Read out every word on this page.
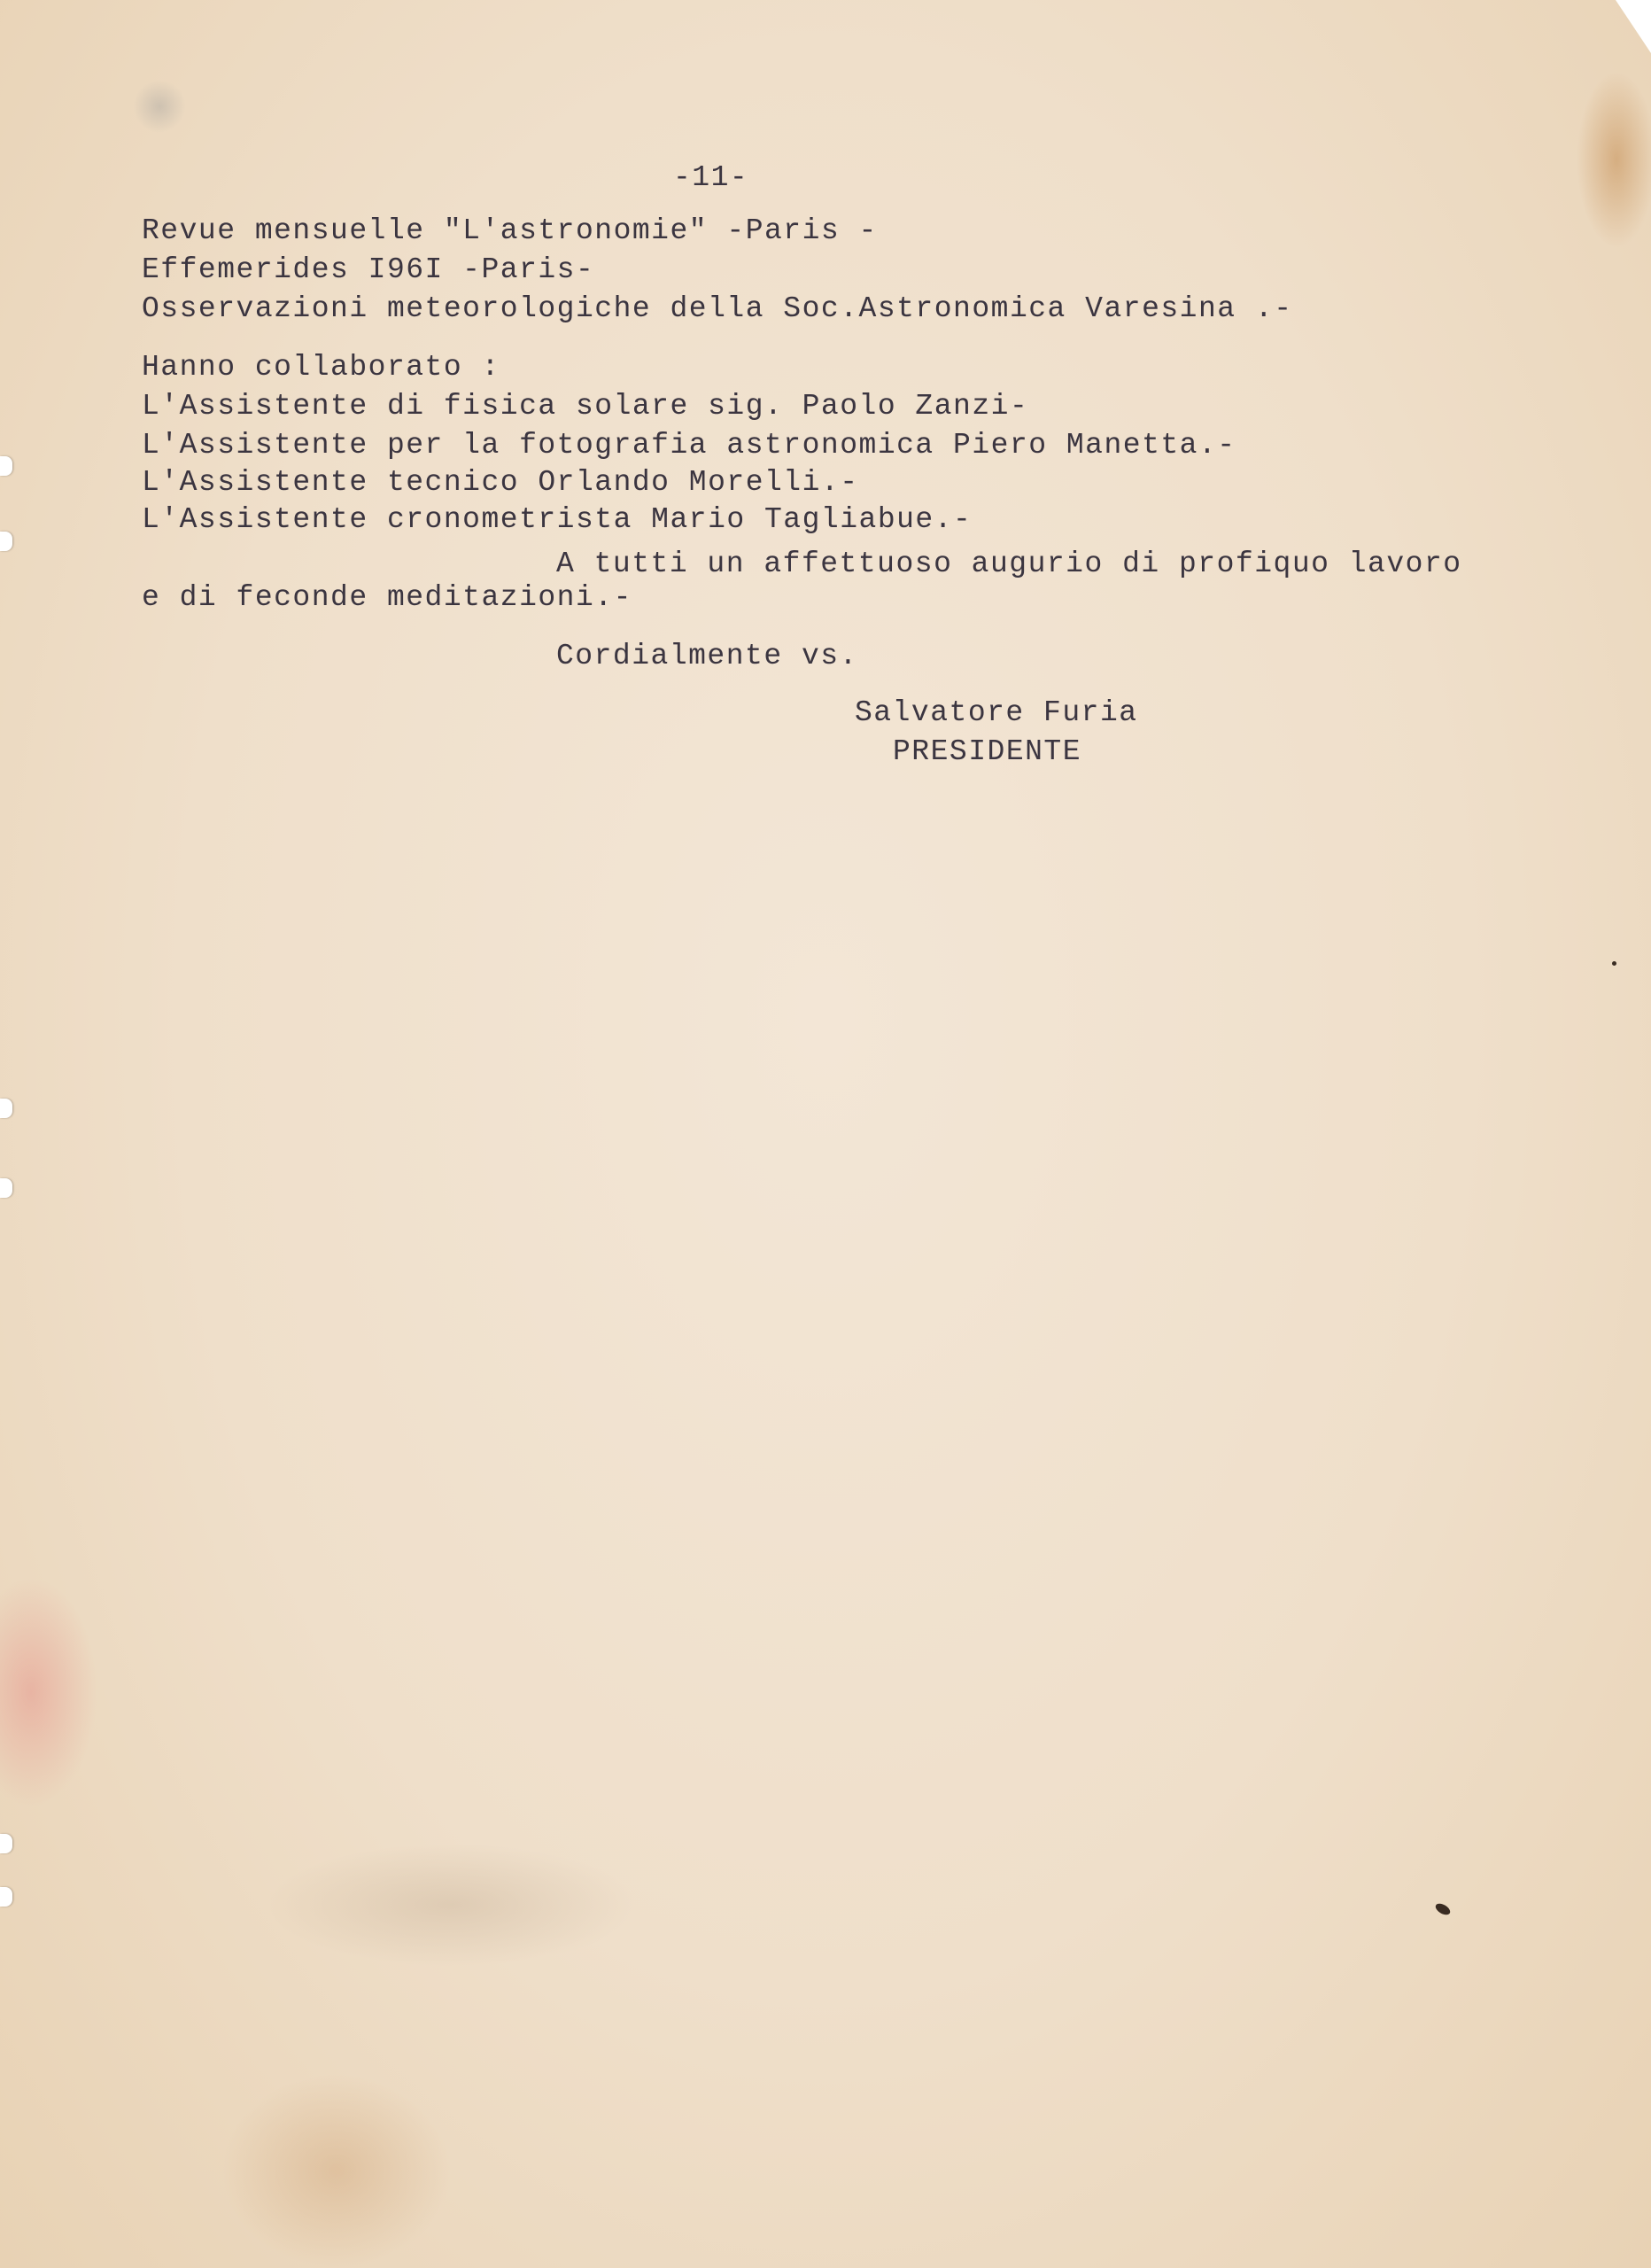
-11-

Revue mensuelle "L'astronomie" -Paris -

Effemerides I96I -Paris-

Osservazioni meteorologiche della Soc.Astronomica Varesina .-

Hanno collaborato :

L'Assistente di fisica solare sig. Paolo Zanzi-

L'Assistente per la fotografia astronomica Piero Manetta.-

L'Assistente tecnico Orlando Morelli.-

L'Assistente cronometrista Mario Tagliabue.-

A tutti un affettuoso augurio di profiquo lavoro

e di feconde meditazioni.-

Cordialmente vs.

Salvatore Furia

PRESIDENTE
